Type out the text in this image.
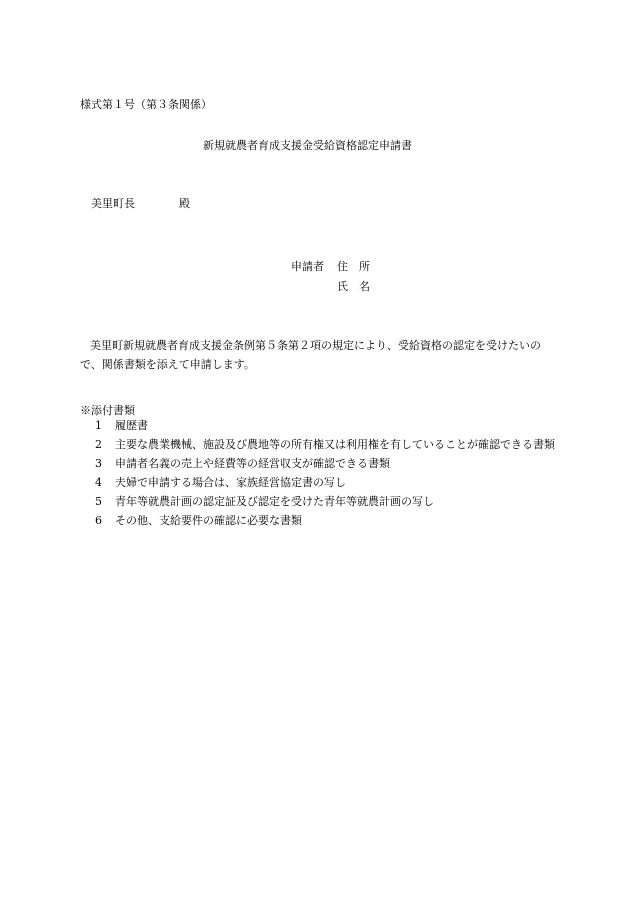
様式第１号（第３条関係）
新規就農者育成支援金受給資格認定申請書
美里町長	殿
申請者 住　所
氏　名
美里町新規就農者育成支援金条例第５条第２項の規定により、受給資格の認定を受けたいので、関係書類を添えて申請します。
※添付書類
1	履歴書
2	主要な農業機械、施設及び農地等の所有権又は利用権を有していることが確認できる書類
3	申請者名義の売上や経費等の経営収支が確認できる書類
4	夫婦で申請する場合は、家族経営協定書の写し
5	青年等就農計画の認定証及び認定を受けた青年等就農計画の写し
6	その他、支給要件の確認に必要な書類
